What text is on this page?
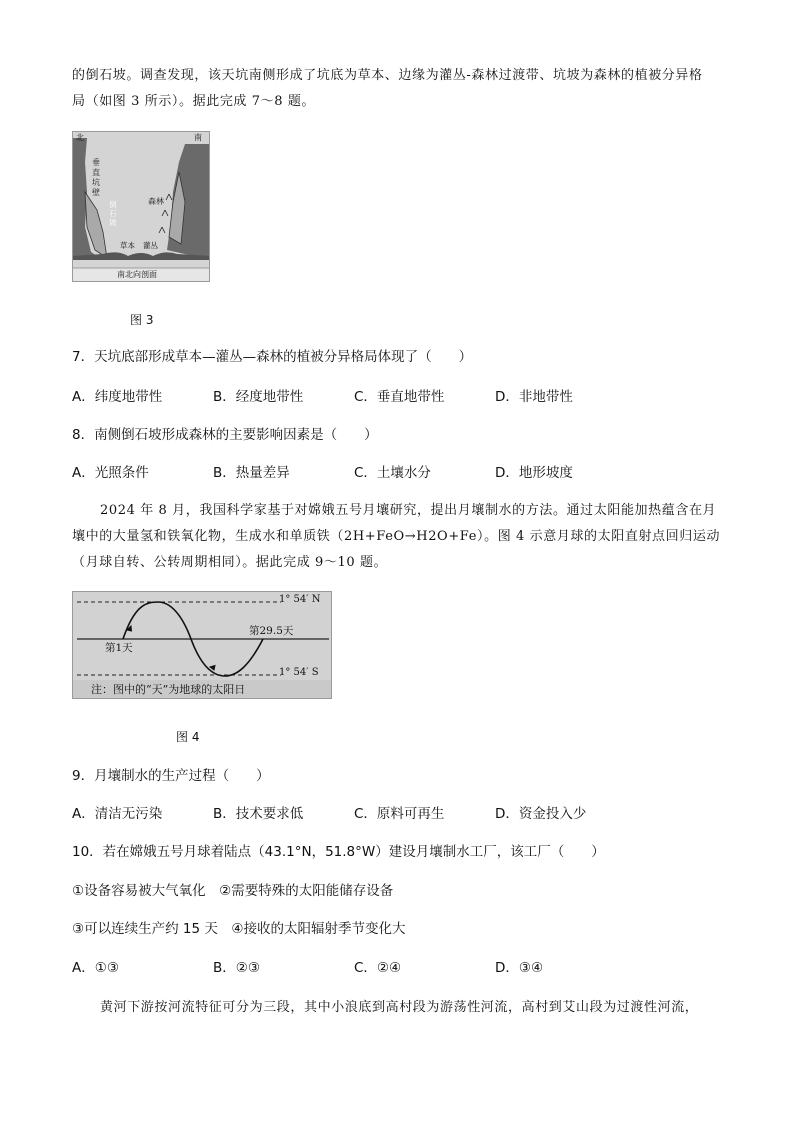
的倒石坡。调查发现，该天坑南侧形成了坑底为草本、边缘为灌丛-森林过渡带、坑坡为森林的植被分异格
局（如图 3 所示）。据此完成 7～8 题。
北	南
垂直坑壁
倒石坡
森林
草本 灌丛
南北向剖面
图 3
7．天坑底部形成草本—灌丛—森林的植被分异格局体现了（　　）
A．纬度地带性	B．经度地带性	C．垂直地带性	D．非地带性
8．南侧倒石坡形成森林的主要影响因素是（　　）
A．光照条件	B．热量差异	C．土壤水分	D．地形坡度
2024 年 8 月，我国科学家基于对嫦娥五号月壤研究，提出月壤制水的方法。通过太阳能加热蕴含在月
壤中的大量氢和铁氧化物，生成水和单质铁（2H+FeO→H2O+Fe）。图 4 示意月球的太阳直射点回归运动
（月球自转、公转周期相同）。据此完成 9～10 题。
1° 54′ N
1° 54′ S
第1天
第29.5天
注：图中的“天”为地球的太阳日
图 4
9．月壤制水的生产过程（　　）
A．清洁无污染	B．技术要求低	C．原料可再生	D．资金投入少
10．若在嫦娥五号月球着陆点（43.1°N，51.8°W）建设月壤制水工厂，该工厂（　　）
①设备容易被大气氧化　②需要特殊的太阳能储存设备
③可以连续生产约 15 天　④接收的太阳辐射季节变化大
A．①③	B．②③	C．②④	D．③④
黄河下游按河流特征可分为三段，其中小浪底到高村段为游荡性河流，高村到艾山段为过渡性河流，
